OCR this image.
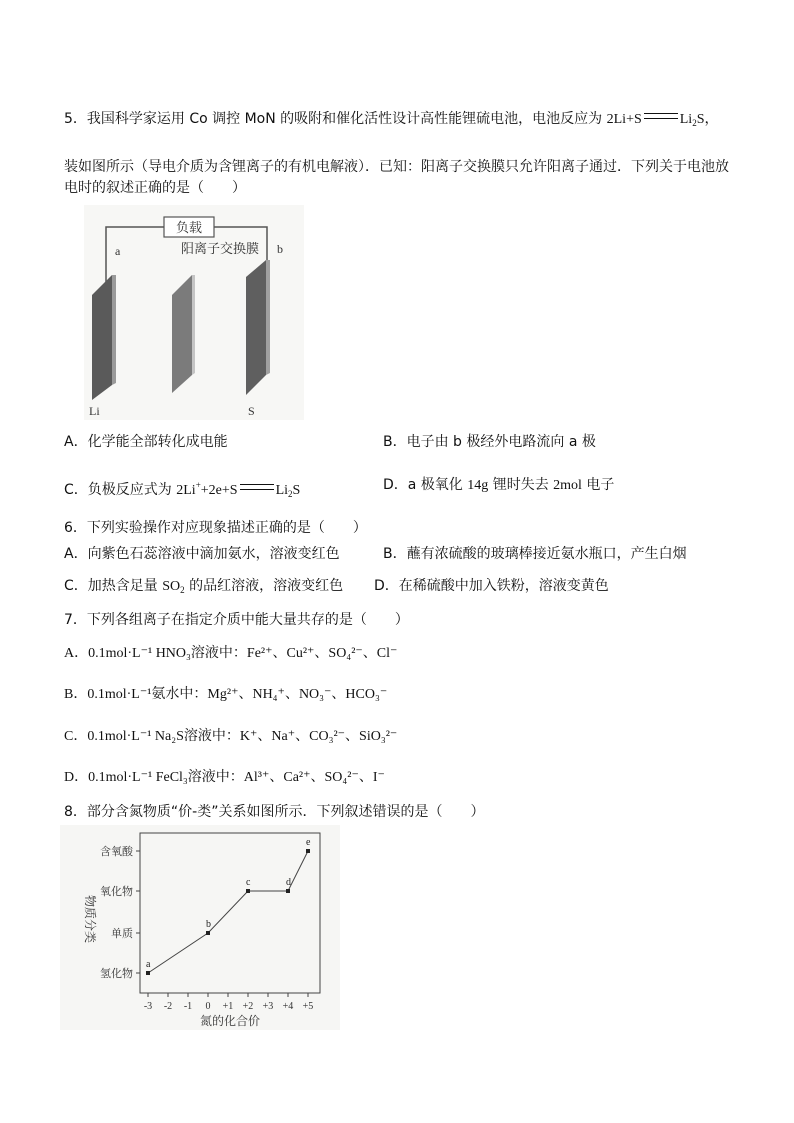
5．我国科学家运用 Co 调控 MoN 的吸附和催化活性设计高性能锂硫电池，电池反应为 2Li+S	$Li_2S$，
装如图所示（导电介质为含锂离子的有机电解液）．已知：阳离子交换膜只允许阳离子通过．下列关于电池放
电时的叙述正确的是（　　）
负载
a	b
阳离子交换膜
Li	S
A．化学能全部转化成电能	B．电子由 b 极经外电路流向 a 极
C．负极反应式为 2Li++2e+S	$Li_2S$	D．a 极氧化 14g 锂时失去 2mol 电子
6．下列实验操作对应现象描述正确的是（　　）
A．向紫色石蕊溶液中滴加氨水，溶液变红色	B．蘸有浓硫酸的玻璃棒接近氨水瓶口，产生白烟
C．加热含足量 $SO_2$ 的品红溶液，溶液变红色 D．在稀硫酸中加入铁粉，溶液变黄色
7．下列各组离子在指定介质中能大量共存的是（　　）
A．0.1mol·L⁻¹ HNO₃溶液中：Fe²⁺、Cu²⁺、SO₄²⁻、Cl⁻
B．0.1mol·L⁻¹氨水中：Mg²⁺、NH₄⁺、NO₃⁻、HCO₃⁻
C．0.1mol·L⁻¹ Na₂S溶液中：K⁺、Na⁺、CO₃²⁻、SiO₃²⁻
D．0.1mol·L⁻¹ FeCl₃溶液中：Al³⁺、Ca²⁺、SO₄²⁻、I⁻
8．部分含氮物质“价-类”关系如图所示．下列叙述错误的是（　　）
物质分类
氮的化合价
-3 -2 -1 0 +1 +2 +3 +4 +5
氢化物
单质
氧化物
含氧酸
a
b
c	d
e
